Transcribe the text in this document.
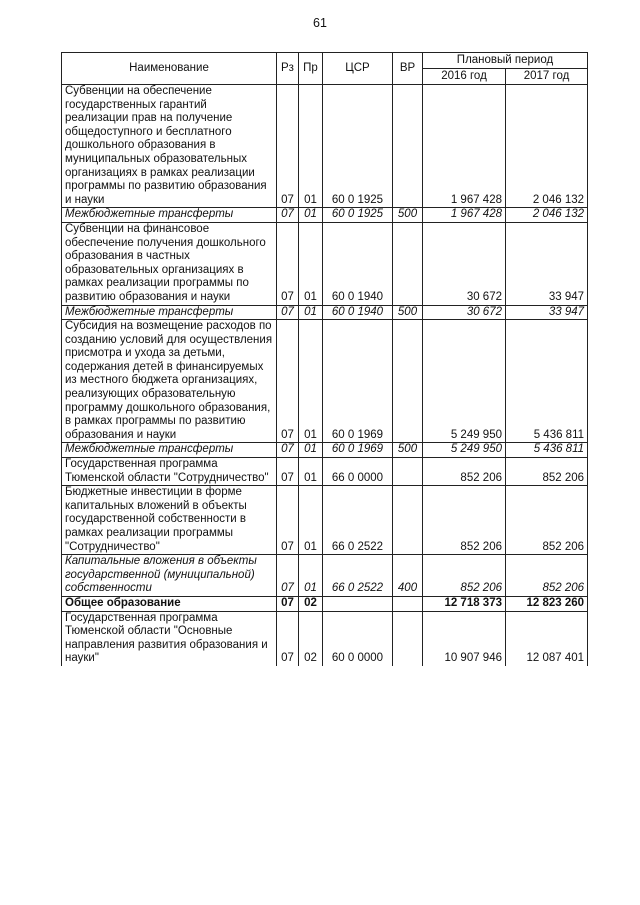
61
Наименование	Рз	Пр	ЦСР	ВР	Плановый период	
					2016 год	2017 год
Субвенции на обеспечение государственных гарантий реализации прав на получение общедоступного и бесплатного дошкольного образования в муниципальных образовательных организациях в рамках реализации программы по развитию образования и науки	07	01	60 0 1925		1 967 428	2 046 132
Межбюджетные трансферты	07	01	60 0 1925	500	1 967 428	2 046 132
Субвенции на финансовое обеспечение получения дошкольного образования в частных образовательных организациях в рамках реализации программы по развитию образования и науки	07	01	60 0 1940		30 672	33 947
Межбюджетные трансферты	07	01	60 0 1940	500	30 672	33 947
Субсидия на возмещение расходов по созданию условий для осуществления присмотра и ухода за детьми, содержания детей в финансируемых из местного бюджета организациях, реализующих образовательную программу дошкольного образования, в рамках программы по развитию образования и науки	07	01	60 0 1969		5 249 950	5 436 811
Межбюджетные трансферты	07	01	60 0 1969	500	5 249 950	5 436 811
Государственная программа Тюменской области "Сотрудничество"	07	01	66 0 0000		852 206	852 206
Бюджетные инвестиции в форме капитальных вложений в объекты государственной собственности в рамках реализации программы "Сотрудничество"	07	01	66 0 2522		852 206	852 206
Капитальные вложения в объекты государственной (муниципальной) собственности	07	01	66 0 2522	400	852 206	852 206
Общее образование	07	02			12 718 373	12 823 260
Государственная программа Тюменской области "Основные направления развития образования и науки"	07	02	60 0 0000		10 907 946	12 087 401
